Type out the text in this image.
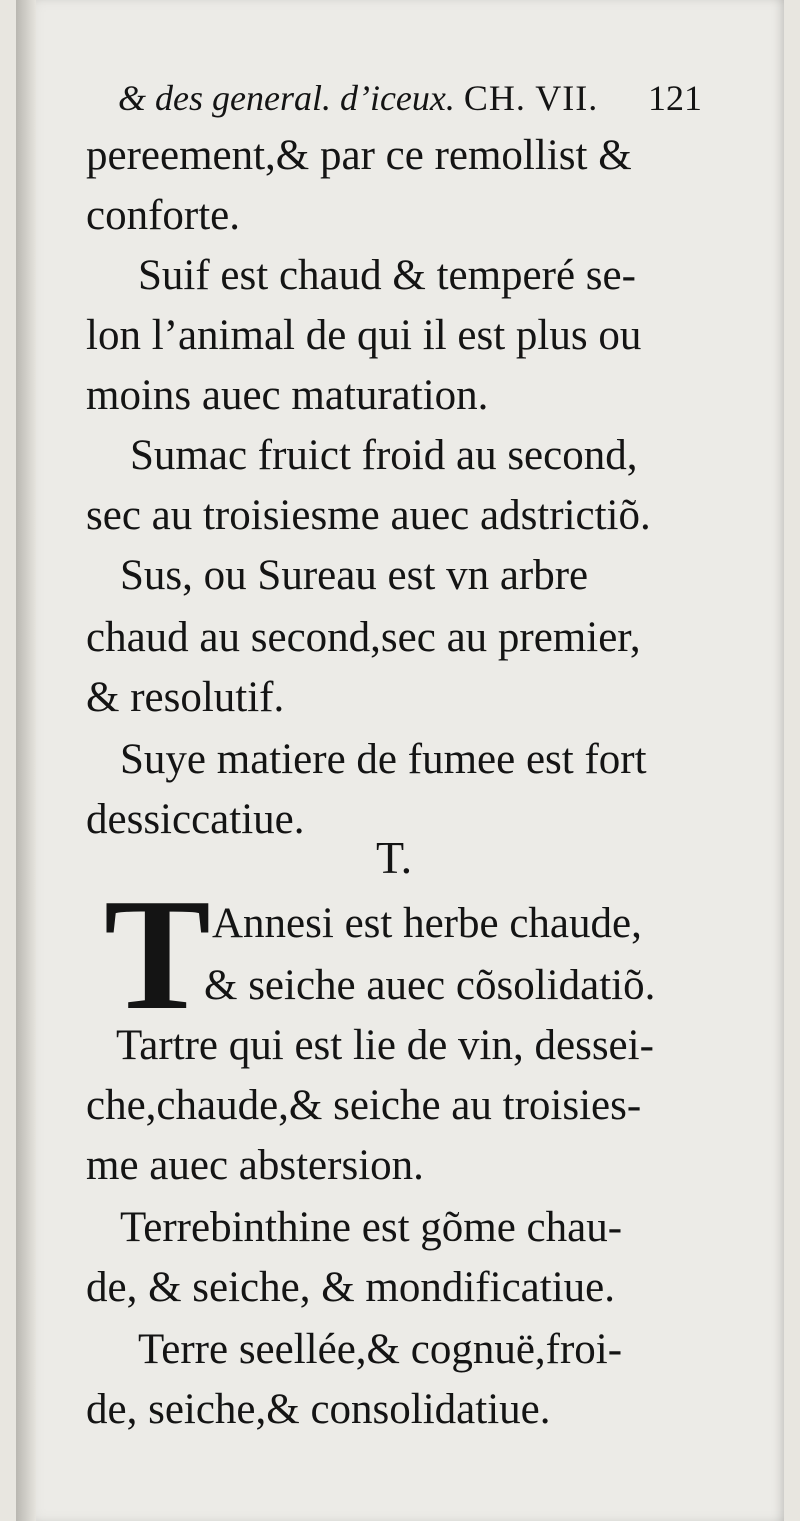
& des general. d’iceux. CH. VII. 121
pereement,& par ce remollist &
conforte.
Suif est chaud & temperé se-
lon l’animal de qui il est plus ou
moins auec maturation.
Sumac fruict froid au second,
sec au troisiesme auec adstrictiõ.
Sus, ou Sureau est vn arbre
chaud au second,sec au premier,
& resolutif.
Suye matiere de fumee est fort
dessiccatiue.
T.
T Annesi est herbe chaude,
& seiche auec cõsolidatiõ.
Tartre qui est lie de vin, dessei-
che,chaude,& seiche au troisies-
me auec abstersion.
Terrebinthine est gõme chau-
de, & seiche, & mondificatiue.
Terre seellée,& cognuë,froi-
de, seiche,& consolidatiue.
